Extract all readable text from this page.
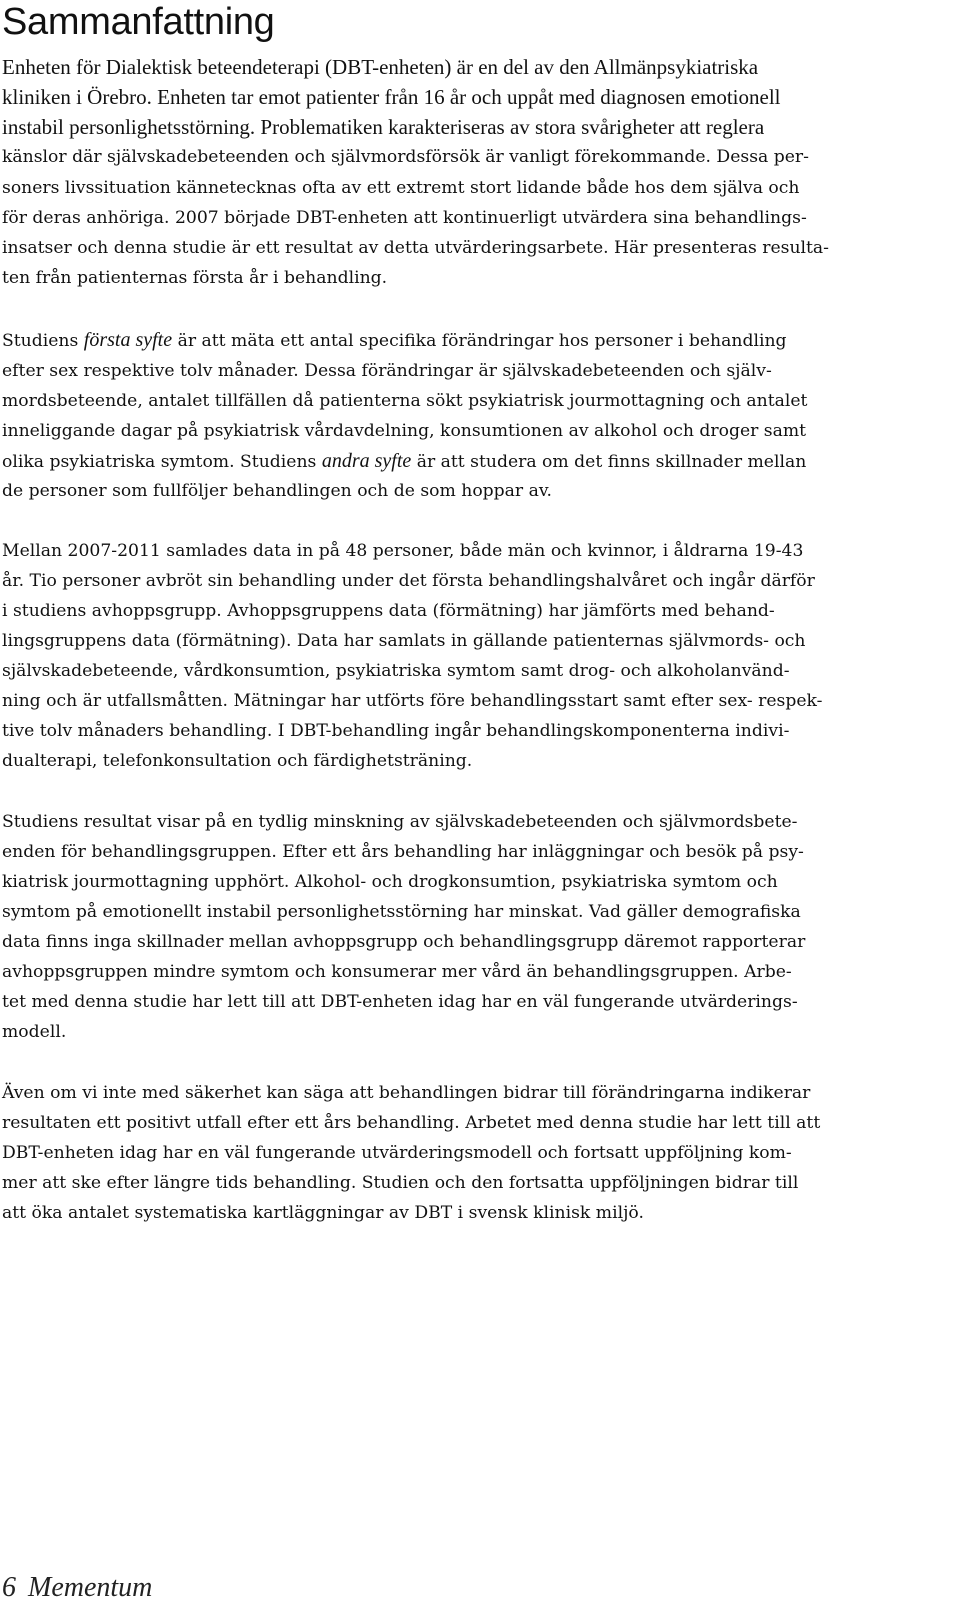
Sammanfattning

Enheten för Dialektisk beteendeterapi (DBT-enheten) är en del av den Allmänpsykiatriska

kliniken i Örebro. Enheten tar emot patienter från 16 år och uppåt med diagnosen emotionell

instabil personlighetsstörning. Problematiken karakteriseras av stora svårigheter att reglera

känslor där självskadebeteenden och självmordsförsök är vanligt förekommande. Dessa per-

soners livssituation kännetecknas ofta av ett extremt stort lidande både hos dem själva och

för deras anhöriga. 2007 började DBT-enheten att kontinuerligt utvärdera sina behandlings-

insatser och denna studie är ett resultat av detta utvärderingsarbete. Här presenteras resulta-

ten från patienternas första år i behandling.

Studiens första syfte är att mäta ett antal specifika förändringar hos personer i behandling

efter sex respektive tolv månader. Dessa förändringar är självskadebeteenden och själv-

mordsbeteende, antalet tillfällen då patienterna sökt psykiatrisk jourmottagning och antalet

inneliggande dagar på psykiatrisk vårdavdelning, konsumtionen av alkohol och droger samt

olika psykiatriska symtom. Studiens andra syfte är att studera om det finns skillnader mellan

de personer som fullföljer behandlingen och de som hoppar av.

Mellan 2007-2011 samlades data in på 48 personer, både män och kvinnor, i åldrarna 19-43

år. Tio personer avbröt sin behandling under det första behandlingshalvåret och ingår därför

i studiens avhoppsgrupp. Avhoppsgruppens data (förmätning) har jämförts med behand-

lingsgruppens data (förmätning). Data har samlats in gällande patienternas självmords- och

självskadebeteende, vårdkonsumtion, psykiatriska symtom samt drog- och alkoholanvänd-

ning och är utfallsmåtten. Mätningar har utförts före behandlingsstart samt efter sex- respek-

tive tolv månaders behandling. I DBT-behandling ingår behandlingskomponenterna indivi-

dualterapi, telefonkonsultation och färdighetsträning.

Studiens resultat visar på en tydlig minskning av självskadebeteenden och självmordsbete-

enden för behandlingsgruppen. Efter ett års behandling har inläggningar och besök på psy-

kiatrisk jourmottagning upphört. Alkohol- och drogkonsumtion, psykiatriska symtom och

symtom på emotionellt instabil personlighetsstörning har minskat. Vad gäller demografiska

data finns inga skillnader mellan avhoppsgrupp och behandlingsgrupp däremot rapporterar

avhoppsgruppen mindre symtom och konsumerar mer vård än behandlingsgruppen. Arbe-

tet med denna studie har lett till att DBT-enheten idag har en väl fungerande utvärderings-

modell.

Även om vi inte med säkerhet kan säga att behandlingen bidrar till förändringarna indikerar

resultaten ett positivt utfall efter ett års behandling. Arbetet med denna studie har lett till att

DBT-enheten idag har en väl fungerande utvärderingsmodell och fortsatt uppföljning kom-

mer att ske efter längre tids behandling. Studien och den fortsatta uppföljningen bidrar till

att öka antalet systematiska kartläggningar av DBT i svensk klinisk miljö.

6 Mementum
